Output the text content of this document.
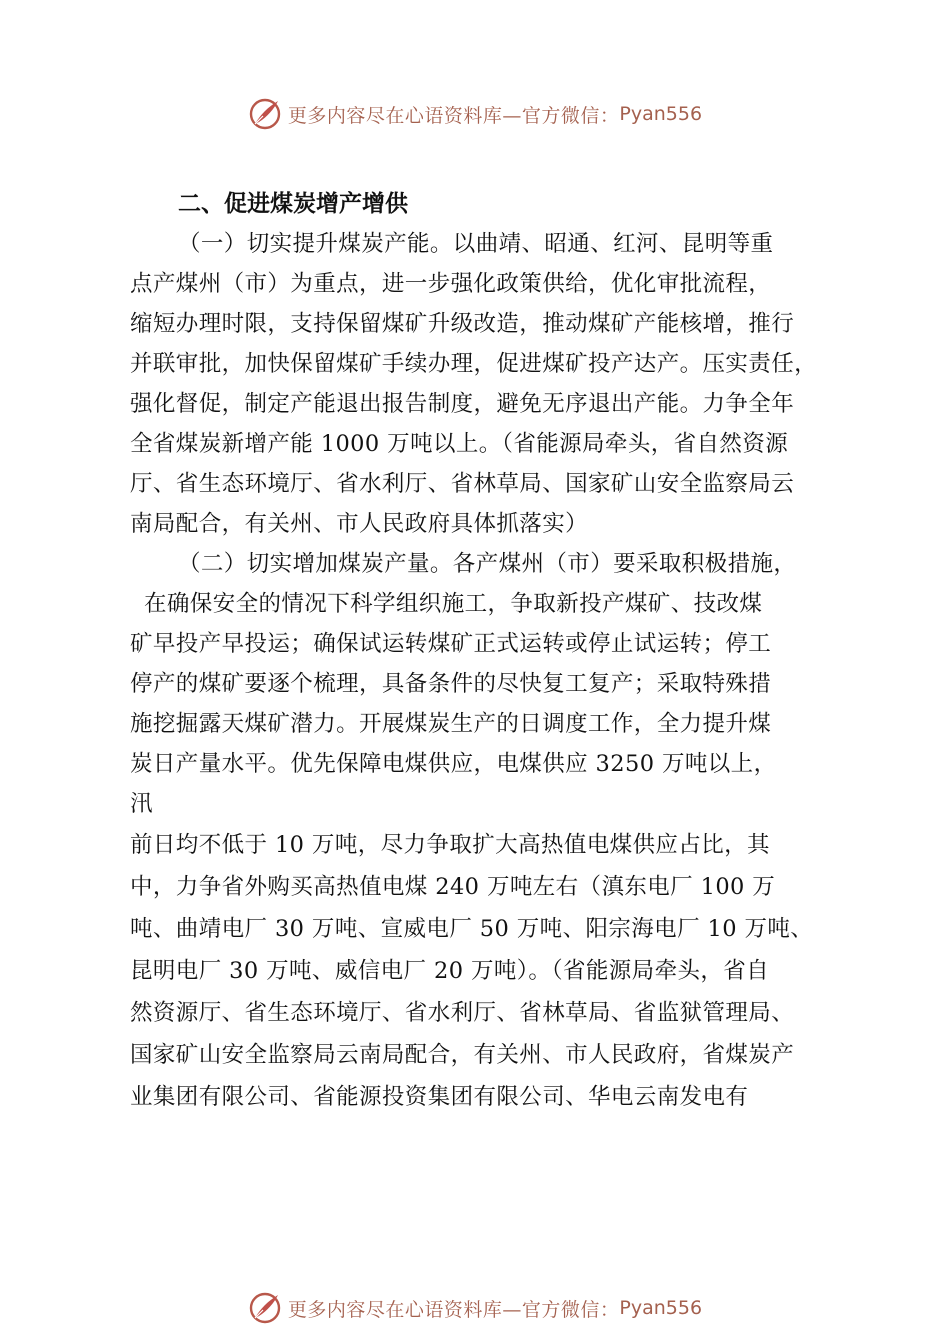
更多内容尽在心语资料库—官方微信： Pyan556
二、促进煤炭增产增供
（一）切实提升煤炭产能。以曲靖、昭通、红河、昆明等重
点产煤州（市）为重点，进一步强化政策供给，优化审批流程，
缩短办理时限，支持保留煤矿升级改造，推动煤矿产能核增，推行
并联审批，加快保留煤矿手续办理，促进煤矿投产达产。压实责任，
强化督促，制定产能退出报告制度，避免无序退出产能。力争全年
全省煤炭新增产能 1000 万吨以上。（省能源局牵头，省自然资源
厅、省生态环境厅、省水利厅、省林草局、国家矿山安全监察局云
南局配合，有关州、市人民政府具体抓落实）
（二）切实增加煤炭产量。各产煤州（市）要采取积极措施，
在确保安全的情况下科学组织施工，争取新投产煤矿、技改煤
矿早投产早投运；确保试运转煤矿正式运转或停止试运转；停工
停产的煤矿要逐个梳理，具备条件的尽快复工复产；采取特殊措
施挖掘露天煤矿潜力。开展煤炭生产的日调度工作，全力提升煤
炭日产量水平。优先保障电煤供应，电煤供应 3250 万吨以上，
汛
前日均不低于 10 万吨，尽力争取扩大高热值电煤供应占比，其
中，力争省外购买高热值电煤 240 万吨左右（滇东电厂 100 万
吨、曲靖电厂 30 万吨、宣威电厂 50 万吨、阳宗海电厂 10 万吨、
昆明电厂 30 万吨、威信电厂 20 万吨）。（省能源局牵头，省自
然资源厅、省生态环境厅、省水利厅、省林草局、省监狱管理局、
国家矿山安全监察局云南局配合，有关州、市人民政府，省煤炭产
业集团有限公司、省能源投资集团有限公司、华电云南发电有
更多内容尽在心语资料库—官方微信： Pyan556
